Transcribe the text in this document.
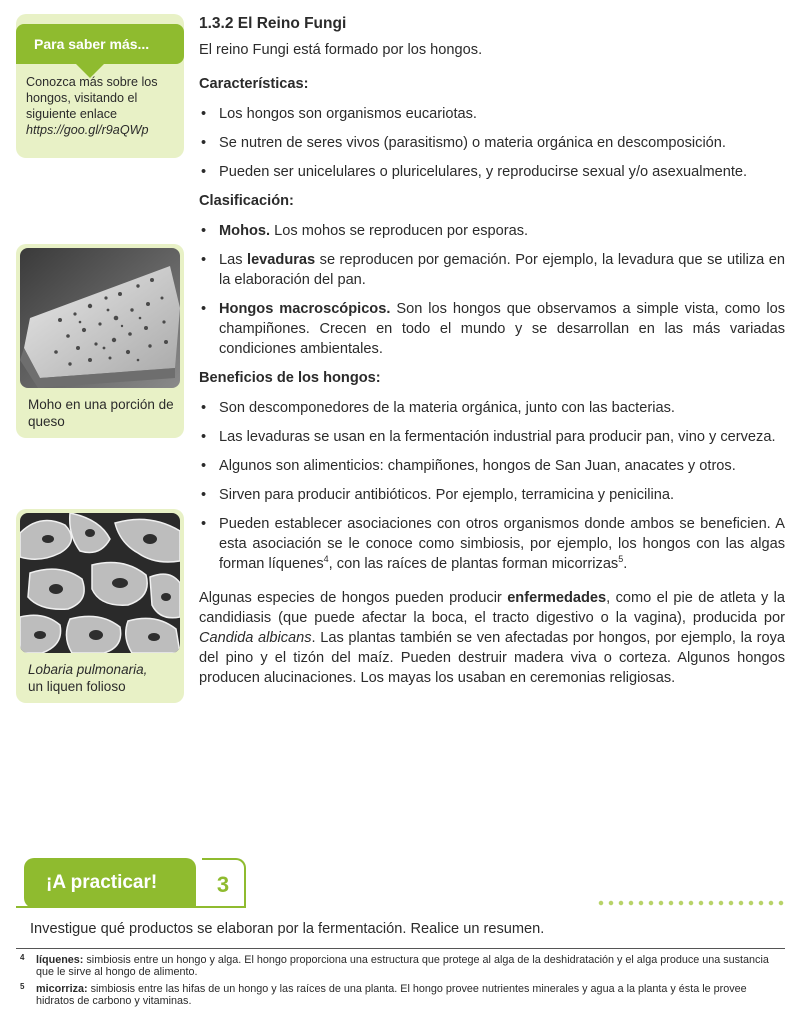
Para saber más...
Conozca más sobre los hongos, visitando el siguiente enlace
https://goo.gl/r9aQWp
Moho en una porción de queso
Lobaria pulmonaria,
un liquen folioso
1.3.2 El Reino Fungi

El reino Fungi está formado por los hongos.

Características:
• Los hongos son organismos eucariotas.
• Se nutren de seres vivos (parasitismo) o materia orgánica en descomposición.
• Pueden ser unicelulares o pluricelulares, y reproducirse sexual y/o asexualmente.
Clasificación:
• Mohos. Los mohos se reproducen por esporas.
• Las levaduras se reproducen por gemación. Por ejemplo, la levadura que se utiliza en la elaboración del pan.
• Hongos macroscópicos. Son los hongos que observamos a simple vista, como los champiñones. Crecen en todo el mundo y se desarrollan en las más variadas condiciones ambientales.
Beneficios de los hongos:
• Son descomponedores de la materia orgánica, junto con las bacterias.
• Las levaduras se usan en la fermentación industrial para producir pan, vino y cerveza.
• Algunos son alimenticios: champiñones, hongos de San Juan, anacates y otros.
• Sirven para producir antibióticos. Por ejemplo, terramicina y penicilina.
• Pueden establecer asociaciones con otros organismos donde ambos se beneficien. A esta asociación se le conoce como simbiosis, por ejemplo, los hongos con las algas forman líquenes$^4$, con las raíces de plantas forman micorrizas$^5$.

Algunas especies de hongos pueden producir enfermedades, como el pie de atleta y la candidiasis (que puede afectar la boca, el tracto digestivo o la vagina), producida por Candida albicans. Las plantas también se ven afectadas por hongos, por ejemplo, la roya del pino y el tizón del maíz. Pueden destruir madera viva o corteza. Algunos hongos producen alucinaciones. Los mayas los usaban en ceremonias religiosas.

¡A practicar!	3
Investigue qué productos se elaboran por la fermentación. Realice un resumen.
4 líquenes: simbiosis entre un hongo y alga. El hongo proporciona una estructura que protege al alga de la deshidratación y el alga produce una sustancia que le sirve al hongo de alimento.
5 micorriza: simbiosis entre las hifas de un hongo y las raíces de una planta. El hongo provee nutrientes minerales y agua a la planta y ésta le provee hidratos de carbono y vitaminas.
